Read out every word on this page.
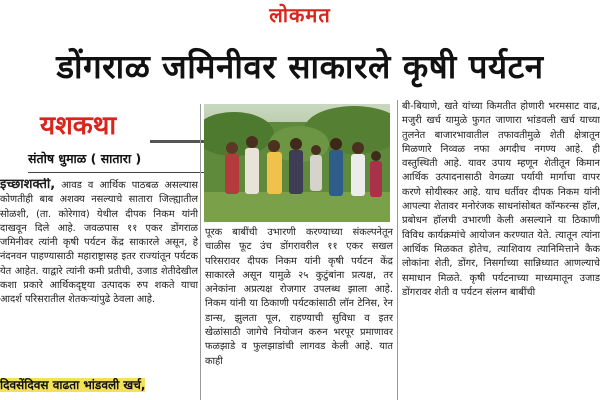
लोकमत
डोंगराळ जमिनीवर साकारले कृषी पर्यटन
यशकथा
संतोष धुमाळ ( सातारा )

इच्छाशक्ती, आवड व आर्थिक पाठबळ असल्यास कोणतीही बाब अशक्य नसल्याचे सातारा जिल्ह्यातील सोळशी, (ता. कोरेगाव) येथील दीपक निकम यांनी दाखवून दिले आहे. जवळपास ११ एकर डोंगराळ जमिनीवर त्यांनी कृषी पर्यटन केंद्र साकारले असून, हे नंदनवन पाहण्यासाठी महाराष्ट्रासह इतर राज्यांतून पर्यटक येत आहेत. याद्वारे त्यांनी कमी प्रतीची, उजाड शेतीदेखील कशा प्रकारे आर्थिकदृष्ट्या उत्पादक रुप शकते याचा आदर्श परिसरातील शेतकऱ्यांपुढे ठेवला आहे.

दिवसेंदिवस वाढता भांडवली खर्च,

पूरक बाबींची उभारणी करण्याच्या संकल्पनेतून चाळीस फूट उंच डोंगरावरील ११ एकर सखल परिसरावर दीपक निकम यांनी कृषी पर्यटन केंद्र साकारले असून यामुळे २५ कुटुंबांना प्रत्यक्ष, तर अनेकांना अप्रत्यक्ष रोजगार उपलब्ध झाला आहे. निकम यांनी या ठिकाणी पर्यटकांसाठी लॉन टेनिस, रेन डान्स, झुलता पूल, राहण्याची सुविधा व इतर खेळांसाठी जागेचे नियोजन करुन भरपूर प्रमाणावर फळझाडे व फुलझाडांची लागवड केली आहे. यात काही

बी-बियाणे, खते यांच्या किमतीत होणारी भरमसाट वाढ, मजुरी खर्च यामुळे फुगत जाणारा भांडवली खर्च याच्या तुलनेत बाजारभावातील तफावतीमुळे शेती क्षेत्रातून मिळणारे निव्वळ नफा अगदीच नगण्य आहे. ही वस्तुस्थिती आहे. यावर उपाय म्हणून शेतीतून किमान आर्थिक उत्पादनासाठी वेगळ्या पर्यायी मार्गाचा वापर करणे सोयीस्कर आहे. याच धर्तीवर दीपक निकम यांनी आपल्या शेतावर मनोरंजक साधनांसोबत कॉन्फरन्स हॉल, प्रबोधन हॉलची उभारणी केली असल्याने या ठिकाणी विविध कार्यक्रमांचे आयोजन करण्यात येते. त्यातून त्यांना आर्थिक मिळकत होतेच, त्याशिवाय त्यानिमित्ताने कैक लोकांना शेती, डोंगर, निसर्गाच्या सान्निध्यात आणल्याचे समाधान मिळते. कृषी पर्यटनाच्या माध्यमातून उजाड डोंगरावर शेती व पर्यटन संलग्न बाबींची
